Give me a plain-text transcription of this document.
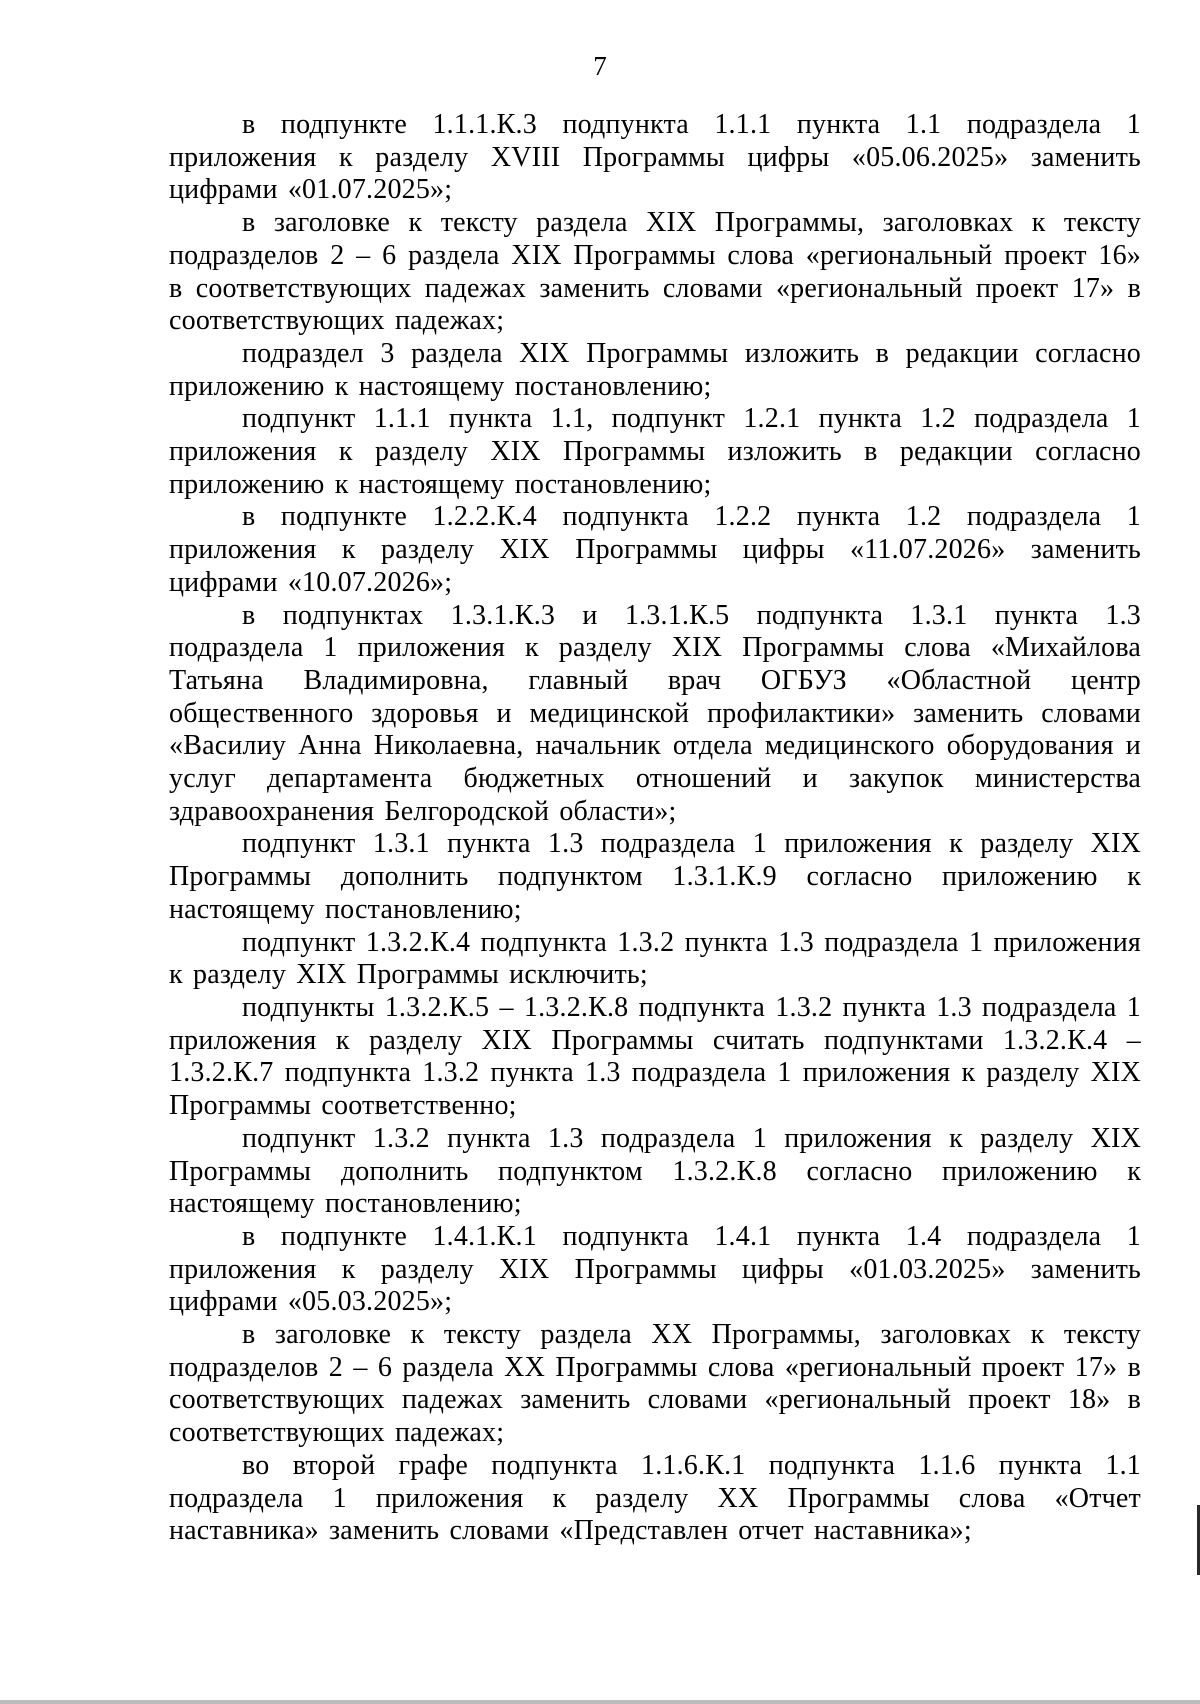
7

в подпункте 1.1.1.К.3 подпункта 1.1.1 пункта 1.1 подраздела 1 приложения к разделу XVIII Программы цифры «05.06.2025» заменить цифрами «01.07.2025»;

в заголовке к тексту раздела XIX Программы, заголовках к тексту подразделов 2 – 6 раздела XIX Программы слова «региональный проект 16» в соответствующих падежах заменить словами «региональный проект 17» в соответствующих падежах;

подраздел 3 раздела XIX Программы изложить в редакции согласно приложению к настоящему постановлению;

подпункт 1.1.1 пункта 1.1, подпункт 1.2.1 пункта 1.2 подраздела 1 приложения к разделу XIX Программы изложить в редакции согласно приложению к настоящему постановлению;

в подпункте 1.2.2.К.4 подпункта 1.2.2 пункта 1.2 подраздела 1 приложения к разделу XIX Программы цифры «11.07.2026» заменить цифрами «10.07.2026»;

в подпунктах 1.3.1.К.3 и 1.3.1.К.5 подпункта 1.3.1 пункта 1.3 подраздела 1 приложения к разделу XIX Программы слова «Михайлова Татьяна Владимировна, главный врач ОГБУЗ «Областной центр общественного здоровья и медицинской профилактики» заменить словами «Василиу Анна Николаевна, начальник отдела медицинского оборудования и услуг департамента бюджетных отношений и закупок министерства здравоохранения Белгородской области»;

подпункт 1.3.1 пункта 1.3 подраздела 1 приложения к разделу XIX Программы дополнить подпунктом 1.3.1.К.9 согласно приложению к настоящему постановлению;

подпункт 1.3.2.К.4 подпункта 1.3.2 пункта 1.3 подраздела 1 приложения к разделу XIX Программы исключить;

подпункты 1.3.2.К.5 – 1.3.2.К.8 подпункта 1.3.2 пункта 1.3 подраздела 1 приложения к разделу XIX Программы считать подпунктами 1.3.2.К.4 – 1.3.2.К.7 подпункта 1.3.2 пункта 1.3 подраздела 1 приложения к разделу XIX Программы соответственно;

подпункт 1.3.2 пункта 1.3 подраздела 1 приложения к разделу XIX Программы дополнить подпунктом 1.3.2.К.8 согласно приложению к настоящему постановлению;

в подпункте 1.4.1.К.1 подпункта 1.4.1 пункта 1.4 подраздела 1 приложения к разделу XIX Программы цифры «01.03.2025» заменить цифрами «05.03.2025»;

в заголовке к тексту раздела XX Программы, заголовках к тексту подразделов 2 – 6 раздела XX Программы слова «региональный проект 17» в соответствующих падежах заменить словами «региональный проект 18» в соответствующих падежах;

во второй графе подпункта 1.1.6.К.1 подпункта 1.1.6 пункта 1.1 подраздела 1 приложения к разделу XX Программы слова «Отчет наставника» заменить словами «Представлен отчет наставника»;
